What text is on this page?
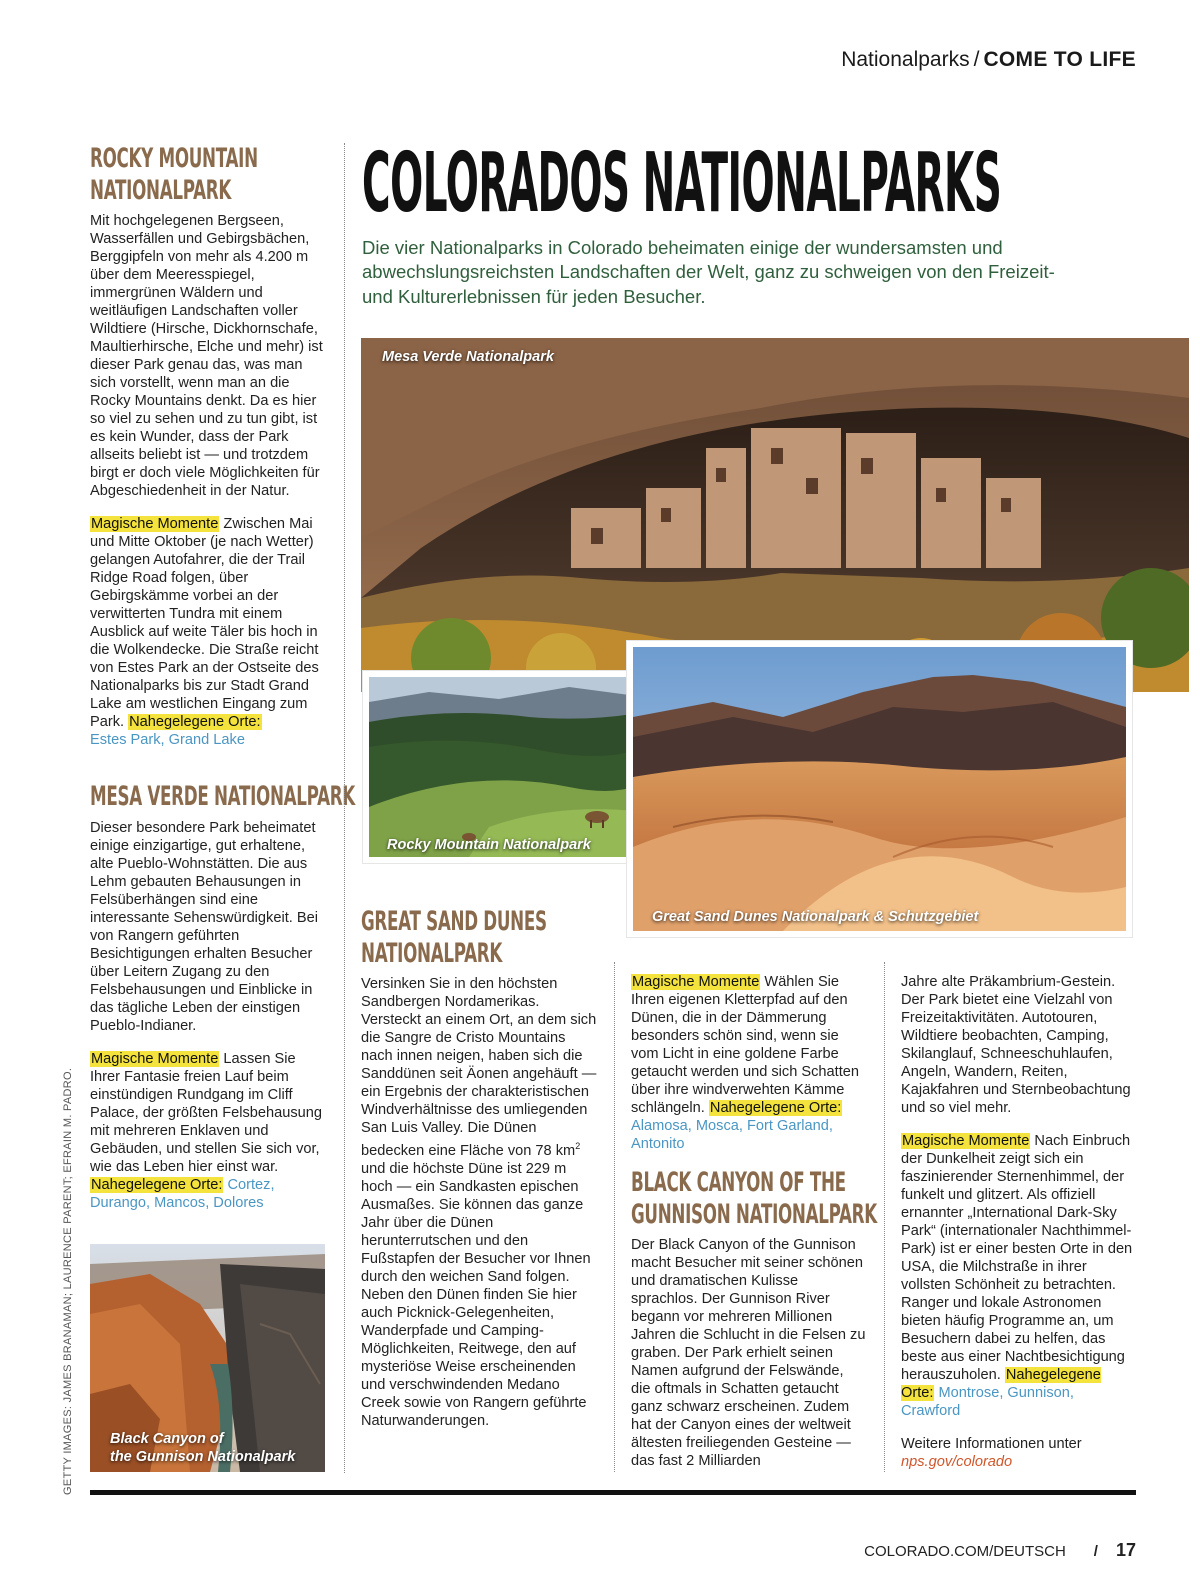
Nationalparks / COME TO LIFE
COLORADOS NATIONALPARKS
Die vier Nationalparks in Colorado beheimaten einige der wundersamsten und abwechslungsreichsten Landschaften der Welt, ganz zu schweigen von den Freizeit- und Kulturerlebnissen für jeden Besucher.
ROCKY MOUNTAIN
NATIONALPARK

Mit hochgelegenen Bergseen, Wasserfällen und Gebirgsbächen, Berggipfeln von mehr als 4.200 m über dem Meeresspiegel, immergrünen Wäldern und weitläufigen Landschaften voller Wildtiere (Hirsche, Dickhornschafe, Maultierhirsche, Elche und mehr) ist dieser Park genau das, was man sich vorstellt, wenn man an die Rocky Mountains denkt. Da es hier so viel zu sehen und zu tun gibt, ist es kein Wunder, dass der Park allseits beliebt ist — und trotzdem birgt er doch viele Möglichkeiten für Abgeschiedenheit in der Natur.

Magische Momente Zwischen Mai und Mitte Oktober (je nach Wetter) gelangen Autofahrer, die der Trail Ridge Road folgen, über Gebirgskämme vorbei an der verwitterten Tundra mit einem Ausblick auf weite Täler bis hoch in die Wolkendecke. Die Straße reicht von Estes Park an der Ostseite des Nationalparks bis zur Stadt Grand Lake am westlichen Eingang zum Park. Nahegelegene Orte:
Estes Park, Grand Lake

MESA VERDE NATIONALPARK

Dieser besondere Park beheimatet einige einzigartige, gut erhaltene, alte Pueblo-Wohnstätten. Die aus Lehm gebauten Behausungen in Felsüberhängen sind eine interessante Sehenswürdigkeit. Bei von Rangern geführten Besichtigungen erhalten Besucher über Leitern Zugang zu den Felsbehausungen und Einblicke in das tägliche Leben der einstigen Pueblo-Indianer.

Magische Momente Lassen Sie Ihrer Fantasie freien Lauf beim einstündigen Rundgang im Cliff Palace, der größten Felsbehausung mit mehreren Enklaven und Gebäuden, und stellen Sie sich vor, wie das Leben hier einst war. Nahegelegene Orte: Cortez, Durango, Mancos, Dolores

Black Canyon of
the Gunnison Nationalpark
Mesa Verde Nationalpark
Rocky Mountain Nationalpark
Great Sand Dunes Nationalpark & Schutzgebiet
GREAT SAND DUNES
NATIONALPARK
Versinken Sie in den höchsten Sandbergen Nordamerikas. Versteckt an einem Ort, an dem sich die Sangre de Cristo Mountains nach innen neigen, haben sich die Sanddünen seit Äonen angehäuft — ein Ergebnis der charakteristischen Windverhältnisse des umliegenden San Luis Valley. Die Dünen bedecken eine Fläche von 78 $km^2$ und die höchste Düne ist 229 m hoch — ein Sandkasten epischen Ausmaßes. Sie können das ganze Jahr über die Dünen herunterrutschen und den Fußstapfen der Besucher vor Ihnen durch den weichen Sand folgen. Neben den Dünen finden Sie hier auch Picknick-Gelegenheiten, Wanderpfade und Camping-Möglichkeiten, Reitwege, den auf mysteriöse Weise erscheinenden und verschwindenden Medano Creek sowie von Rangern geführte Naturwanderungen.
Magische Momente Wählen Sie Ihren eigenen Kletterpfad auf den Dünen, die in der Dämmerung besonders schön sind, wenn sie vom Licht in eine goldene Farbe getaucht werden und sich Schatten über ihre windverwehten Kämme schlängeln. Nahegelegene Orte: Alamosa, Mosca, Fort Garland, Antonito
BLACK CANYON OF THE
GUNNISON NATIONALPARK
Der Black Canyon of the Gunnison macht Besucher mit seiner schönen und dramatischen Kulisse sprachlos. Der Gunnison River begann vor mehreren Millionen Jahren die Schlucht in die Felsen zu graben. Der Park erhielt seinen Namen aufgrund der Felswände, die oftmals in Schatten getaucht ganz schwarz erscheinen. Zudem hat der Canyon eines der weltweit ältesten freiliegenden Gesteine — das fast 2 Milliarden

Jahre alte Präkambrium-Gestein. Der Park bietet eine Vielzahl von Freizeitaktivitäten. Autotouren, Wildtiere beobachten, Camping, Skilanglauf, Schneeschuhlaufen, Angeln, Wandern, Reiten, Kajakfahren und Sternbeobachtung und so viel mehr.

Magische Momente Nach Einbruch der Dunkelheit zeigt sich ein faszinierender Sternenhimmel, der funkelt und glitzert. Als offiziell ernannter „International Dark-Sky Park“ (internationaler Nachthimmel-Park) ist er einer besten Orte in den USA, die Milchstraße in ihrer vollsten Schönheit zu betrachten. Ranger und lokale Astronomen bieten häufig Programme an, um Besuchern dabei zu helfen, das beste aus einer Nachtbesichtigung herauszuholen. Nahegelegene Orte: Montrose, Gunnison, Crawford

Weitere Informationen unter
nps.gov/colorado

GETTY IMAGES: JAMES BRANAMAN; LAURENCE PARENT; EFRAIN M. PADRO.
COLORADO.COM/DEUTSCH / 17
